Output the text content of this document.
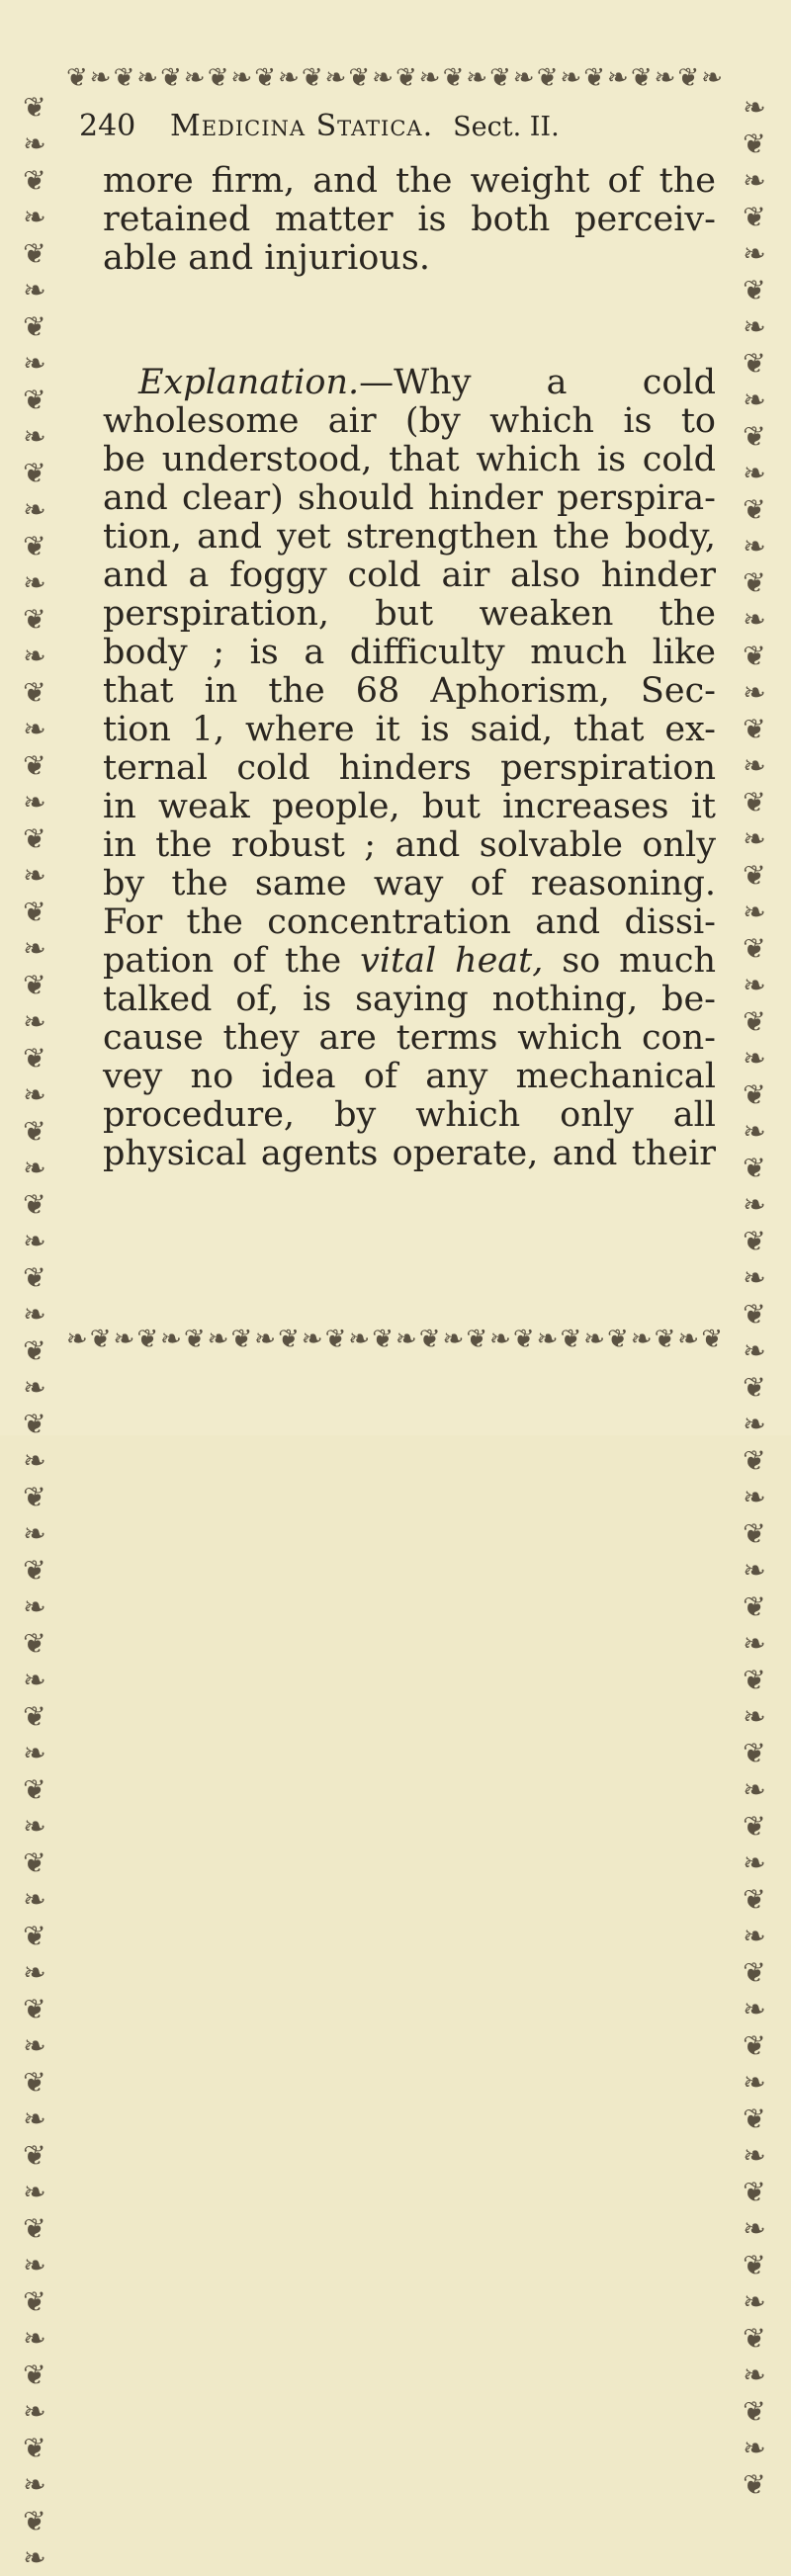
❦❧❦❧❦❧❦❧❦❧❦❧❦❧❦❧❦❧❦❧❦❧❦❧❦❧❦❧
❦❧❦❧❦❧❦❧❦❧❦❧❦❧❦❧❦❧❦❧❦❧❦❧❦❧❦❧❦❧❦❧❦❧❦❧❦❧❦❧❦❧❦❧❦❧❦❧❦❧❦❧❦❧❦❧❦❧❦❧❦❧❦❧❦❧❦❧
❧❦❧❦❧❦❧❦❧❦❧❦❧❦❧❦❧❦❧❦❧❦❧❦❧❦❧❦❧❦❧❦❧❦❧❦❧❦❧❦❧❦❧❦❧❦❧❦❧❦❧❦❧❦❧❦❧❦❧❦❧❦❧❦❧❦
❧❦❧❦❧❦❧❦❧❦❧❦❧❦❧❦❧❦❧❦❧❦❧❦❧❦❧❦
240	Medicina Statica. Sect. II.
more firm, and the weight of the
retained matter is both perceiv-
able and injurious.
Explanation.—Why a cold
wholesome air (by which is to
be understood, that which is cold
and clear) should hinder perspira-
tion, and yet strengthen the body,
and a foggy cold air also hinder
perspiration, but weaken the
body ; is a difficulty much like
that in the 68 Aphorism, Sec-
tion 1, where it is said, that ex-
ternal cold hinders perspiration
in weak people, but increases it
in the robust ; and solvable only
by the same way of reasoning.
For the concentration and dissi-
pation of the vital heat, so much
talked of, is saying nothing, be-
cause they are terms which con-
vey no idea of any mechanical
procedure, by which only all
physical agents operate, and their
